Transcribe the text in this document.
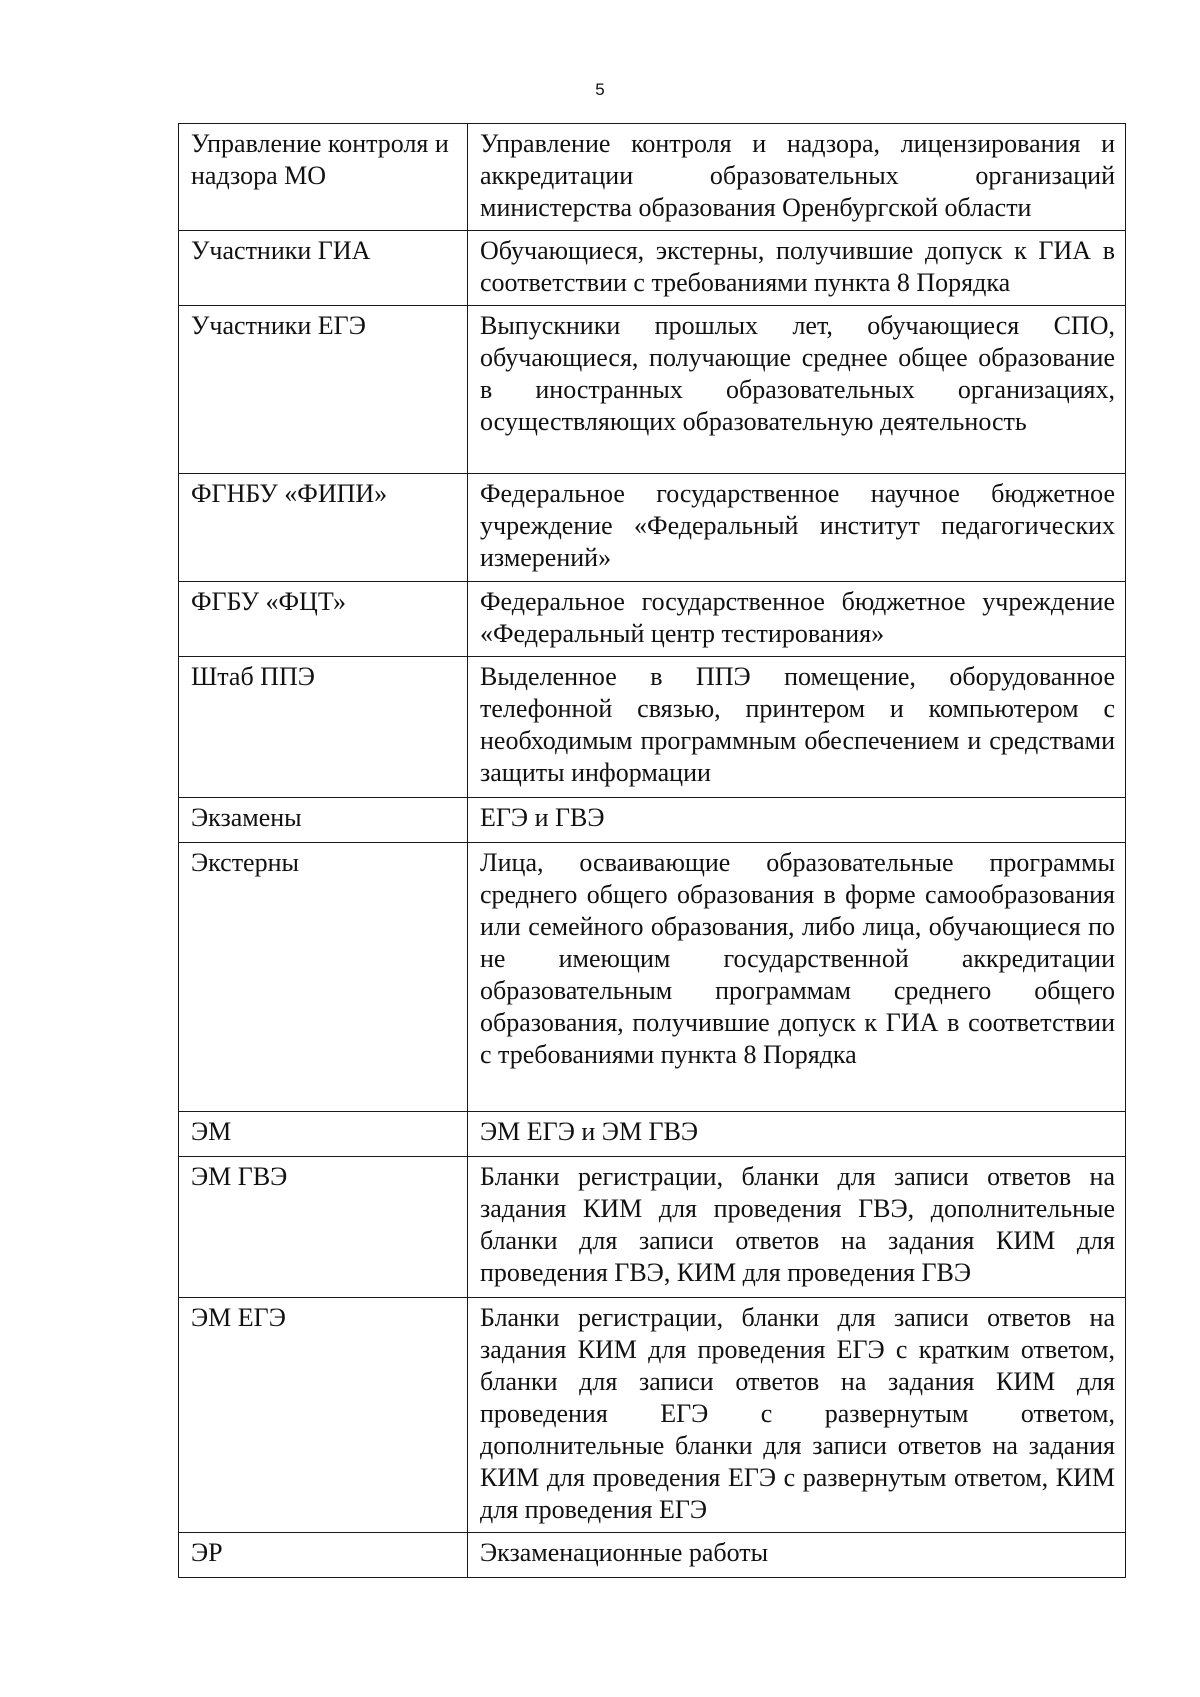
5
Управление контроля и надзора МО	Управление контроля и надзора, лицензирования и аккредитации образовательных организаций министерства образования Оренбургской области
Участники ГИА	Обучающиеся, экстерны, получившие допуск к ГИА в соответствии с требованиями пункта 8 Порядка
Участники ЕГЭ	Выпускники прошлых лет, обучающиеся СПО, обучающиеся, получающие среднее общее образование в иностранных образовательных организациях, осуществляющих образовательную деятельность
ФГНБУ «ФИПИ»	Федеральное государственное научное бюджетное учреждение «Федеральный институт педагогических измерений»
ФГБУ «ФЦТ»	Федеральное государственное бюджетное учреждение «Федеральный центр тестирования»
Штаб ППЭ	Выделенное в ППЭ помещение, оборудованное телефонной связью, принтером и компьютером с необходимым программным обеспечением и средствами защиты информации
Экзамены	ЕГЭ и ГВЭ
Экстерны	Лица, осваивающие образовательные программы среднего общего образования в форме самообразования или семейного образования, либо лица, обучающиеся по не имеющим государственной аккредитации образовательным программам среднего общего образования, получившие допуск к ГИА в соответствии с требованиями пункта 8 Порядка
ЭМ	ЭМ ЕГЭ и ЭМ ГВЭ
ЭМ ГВЭ	Бланки регистрации, бланки для записи ответов на задания КИМ для проведения ГВЭ, дополнительные бланки для записи ответов на задания КИМ для проведения ГВЭ, КИМ для проведения ГВЭ
ЭМ ЕГЭ	Бланки регистрации, бланки для записи ответов на задания КИМ для проведения ЕГЭ с кратким ответом, бланки для записи ответов на задания КИМ для проведения ЕГЭ с развернутым ответом, дополнительные бланки для записи ответов на задания КИМ для проведения ЕГЭ с развернутым ответом, КИМ для проведения ЕГЭ
ЭР	Экзаменационные работы
